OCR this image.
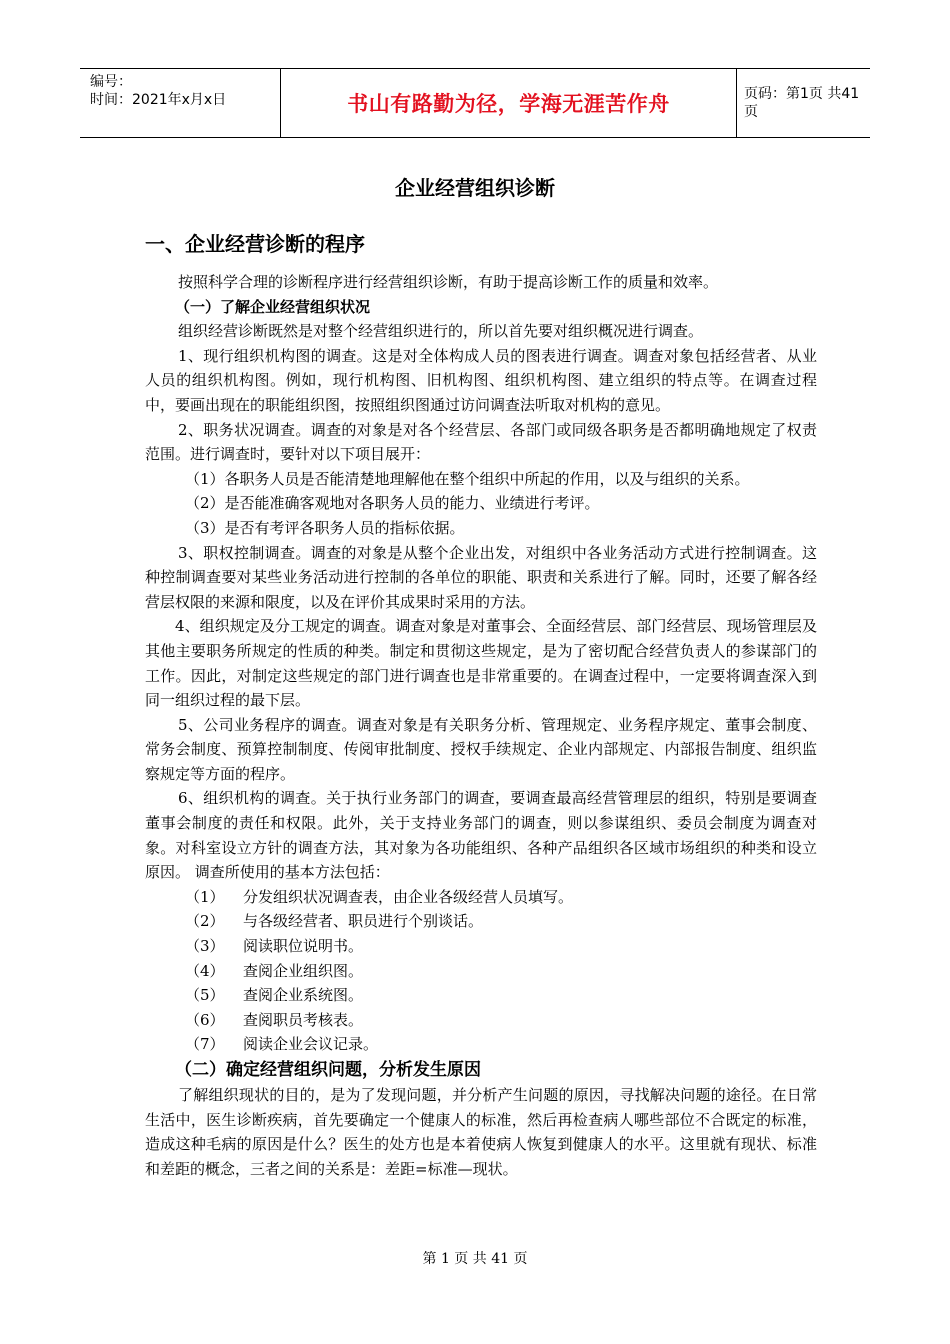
编号：
时间：2021年x月x日	书山有路勤为径，学海无涯苦作舟	页码：第1页 共41页
企业经营组织诊断
一、企业经营诊断的程序

按照科学合理的诊断程序进行经营组织诊断，有助于提高诊断工作的质量和效率。

（一）了解企业经营组织状况

组织经营诊断既然是对整个经营组织进行的，所以首先要对组织概况进行调查。

1、现行组织机构图的调查。这是对全体构成人员的图表进行调查。调查对象包括经营者、从业人员的组织机构图。例如，现行机构图、旧机构图、组织机构图、建立组织的特点等。在调查过程中，要画出现在的职能组织图，按照组织图通过访问调查法听取对机构的意见。

2、职务状况调查。调查的对象是对各个经营层、各部门或同级各职务是否都明确地规定了权责范围。进行调查时，要针对以下项目展开：

（1）各职务人员是否能清楚地理解他在整个组织中所起的作用，以及与组织的关系。

（2）是否能准确客观地对各职务人员的能力、业绩进行考评。

（3）是否有考评各职务人员的指标依据。

3、职权控制调查。调查的对象是从整个企业出发，对组织中各业务活动方式进行控制调查。这种控制调查要对某些业务活动进行控制的各单位的职能、职责和关系进行了解。同时，还要了解各经营层权限的来源和限度，以及在评价其成果时采用的方法。

4、组织规定及分工规定的调查。调查对象是对董事会、全面经营层、部门经营层、现场管理层及其他主要职务所规定的性质的种类。制定和贯彻这些规定，是为了密切配合经营负责人的参谋部门的工作。因此，对制定这些规定的部门进行调查也是非常重要的。在调查过程中，一定要将调查深入到同一组织过程的最下层。

5、公司业务程序的调查。调查对象是有关职务分析、管理规定、业务程序规定、董事会制度、常务会制度、预算控制制度、传阅审批制度、授权手续规定、企业内部规定、内部报告制度、组织监察规定等方面的程序。

6、组织机构的调查。关于执行业务部门的调查，要调查最高经营管理层的组织，特别是要调查董事会制度的责任和权限。此外，关于支持业务部门的调查，则以参谋组织、委员会制度为调查对象。对科室设立方针的调查方法，其对象为各功能组织、各种产品组织各区域市场组织的种类和设立原因。 调查所使用的基本方法包括：

（1）	分发组织状况调查表，由企业各级经营人员填写。
（2）	与各级经营者、职员进行个别谈话。
（3）	阅读职位说明书。
（4）	查阅企业组织图。
（5）	查阅企业系统图。
（6）	查阅职员考核表。
（7）	阅读企业会议记录。

（二）确定经营组织问题，分析发生原因

了解组织现状的目的，是为了发现问题，并分析产生问题的原因，寻找解决问题的途径。在日常生活中，医生诊断疾病，首先要确定一个健康人的标准，然后再检查病人哪些部位不合既定的标准，造成这种毛病的原因是什么？医生的处方也是本着使病人恢复到健康人的水平。这里就有现状、标准和差距的概念，三者之间的关系是：差距=标准—现状。

第 1 页 共 41 页
